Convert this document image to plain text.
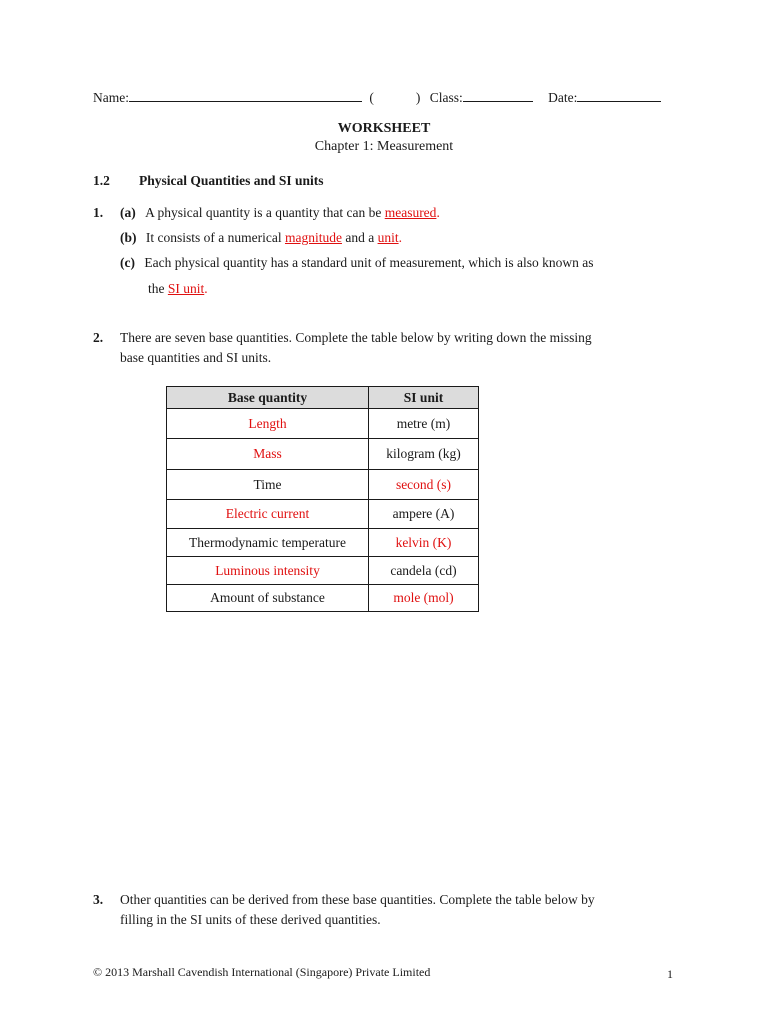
Name:	(	) Class:	Date:
WORKSHEET
Chapter 1: Measurement
1.2 Physical Quantities and SI units
1. (a) A physical quantity is a quantity that can be measured.
(b) It consists of a numerical magnitude and a unit.
(c) Each physical quantity has a standard unit of measurement, which is also known as
the SI unit.
2. There are seven base quantities. Complete the table below by writing down the missing
base quantities and SI units.
Base quantity	SI unit
Length	metre (m)
Mass	kilogram (kg)
Time	second (s)
Electric current	ampere (A)
Thermodynamic temperature	kelvin (K)
Luminous intensity	candela (cd)
Amount of substance	mole (mol)
3. Other quantities can be derived from these base quantities. Complete the table below by
filling in the SI units of these derived quantities.
© 2013 Marshall Cavendish International (Singapore) Private Limited	1
